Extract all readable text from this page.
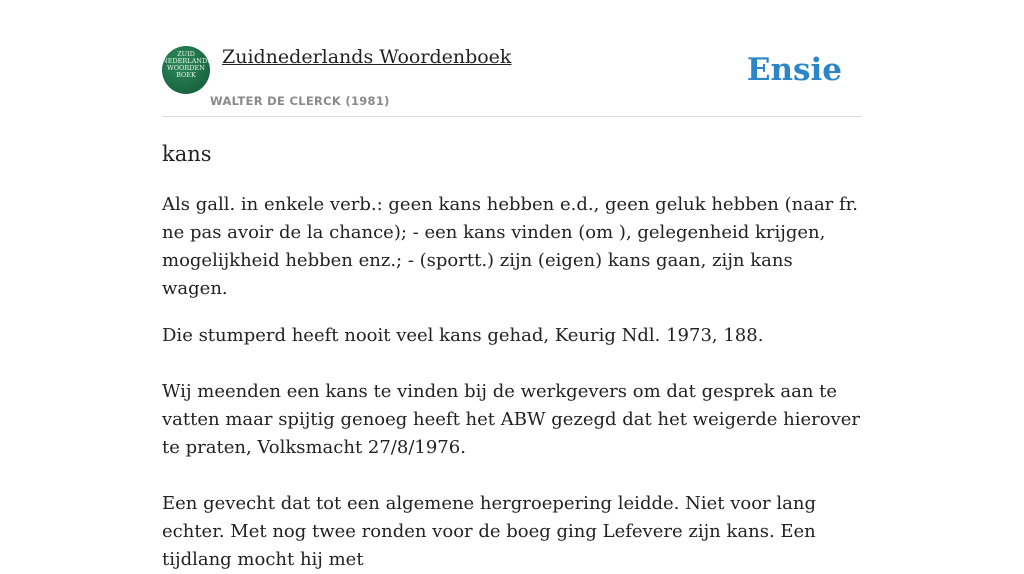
ZUID
NEDERLANDS
WOORDEN
BOEK
Zuidnederlands Woordenboek
WALTER DE CLERCK (1981)
Ensie
kans

Als gall. in enkele verb.: geen kans hebben e.d., geen geluk hebben (naar fr. ne pas avoir de la chance); - een kans vinden (om ), gelegenheid krijgen, mogelijkheid hebben enz.; - (sportt.) zijn (eigen) kans gaan, zijn kans wagen.

Die stumperd heeft nooit veel kans gehad, Keurig Ndl. 1973, 188.

Wij meenden een kans te vinden bij de werkgevers om dat gesprek aan te vatten maar spijtig genoeg heeft het ABW gezegd dat het weigerde hierover te praten, Volksmacht 27/8/1976.

Een gevecht dat tot een algemene hergroepering leidde. Niet voor lang echter. Met nog twee ronden voor de boeg ging Lefevere zijn kans. Een tijdlang mocht hij met
